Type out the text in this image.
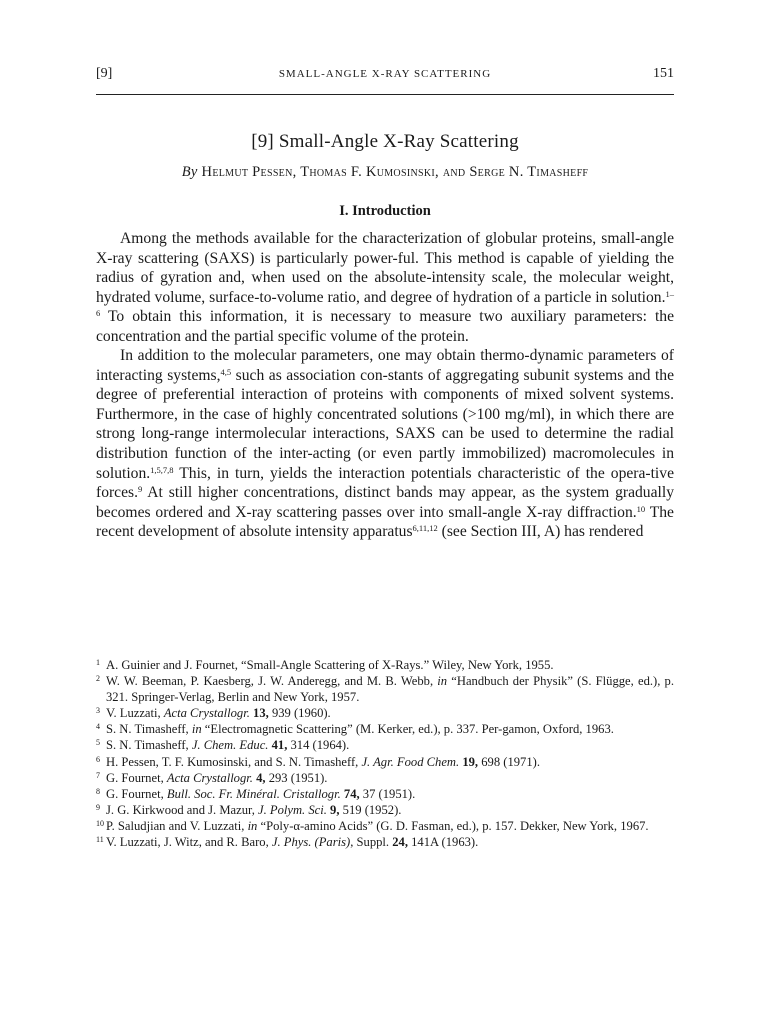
[9]	SMALL-ANGLE X-RAY SCATTERING	151
[9] Small-Angle X-Ray Scattering
By Helmut Pessen, Thomas F. Kumosinski, and Serge N. Timasheff
I. Introduction

Among the methods available for the characterization of globular proteins, small-angle X-ray scattering (SAXS) is particularly power-ful. This method is capable of yielding the radius of gyration and, when used on the absolute-intensity scale, the molecular weight, hydrated volume, surface-to-volume ratio, and degree of hydration of a particle in solution.$^{1-6}$ To obtain this information, it is necessary to measure two auxiliary parameters: the concentration and the partial specific volume of the protein.

In addition to the molecular parameters, one may obtain thermo-dynamic parameters of interacting systems,$^{4,5}$ such as association con-stants of aggregating subunit systems and the degree of preferential interaction of proteins with components of mixed solvent systems. Furthermore, in the case of highly concentrated solutions (>100 mg/ml), in which there are strong long-range intermolecular interactions, SAXS can be used to determine the radial distribution function of the inter-acting (or even partly immobilized) macromolecules in solution.$^{1,5,7,8}$ This, in turn, yields the interaction potentials characteristic of the opera-tive forces.$^9$ At still higher concentrations, distinct bands may appear, as the system gradually becomes ordered and X-ray scattering passes over into small-angle X-ray diffraction.$^{10}$ The recent development of absolute intensity apparatus$^{6,11,12}$ (see Section III, A) has rendered

1 A. Guinier and J. Fournet, “Small-Angle Scattering of X-Rays.” Wiley, New York, 1955.
2 W. W. Beeman, P. Kaesberg, J. W. Anderegg, and M. B. Webb, in “Handbuch der Physik” (S. Flügge, ed.), p. 321. Springer-Verlag, Berlin and New York, 1957.
3 V. Luzzati, Acta Crystallogr. 13, 939 (1960).
4 S. N. Timasheff, in “Electromagnetic Scattering” (M. Kerker, ed.), p. 337. Per-gamon, Oxford, 1963.
5 S. N. Timasheff, J. Chem. Educ. 41, 314 (1964).
6 H. Pessen, T. F. Kumosinski, and S. N. Timasheff, J. Agr. Food Chem. 19, 698 (1971).
7 G. Fournet, Acta Crystallogr. 4, 293 (1951).
8 G. Fournet, Bull. Soc. Fr. Minéral. Cristallogr. 74, 37 (1951).
9 J. G. Kirkwood and J. Mazur, J. Polym. Sci. 9, 519 (1952).
10 P. Saludjian and V. Luzzati, in “Poly-α-amino Acids” (G. D. Fasman, ed.), p. 157. Dekker, New York, 1967.
11 V. Luzzati, J. Witz, and R. Baro, J. Phys. (Paris), Suppl. 24, 141A (1963).
